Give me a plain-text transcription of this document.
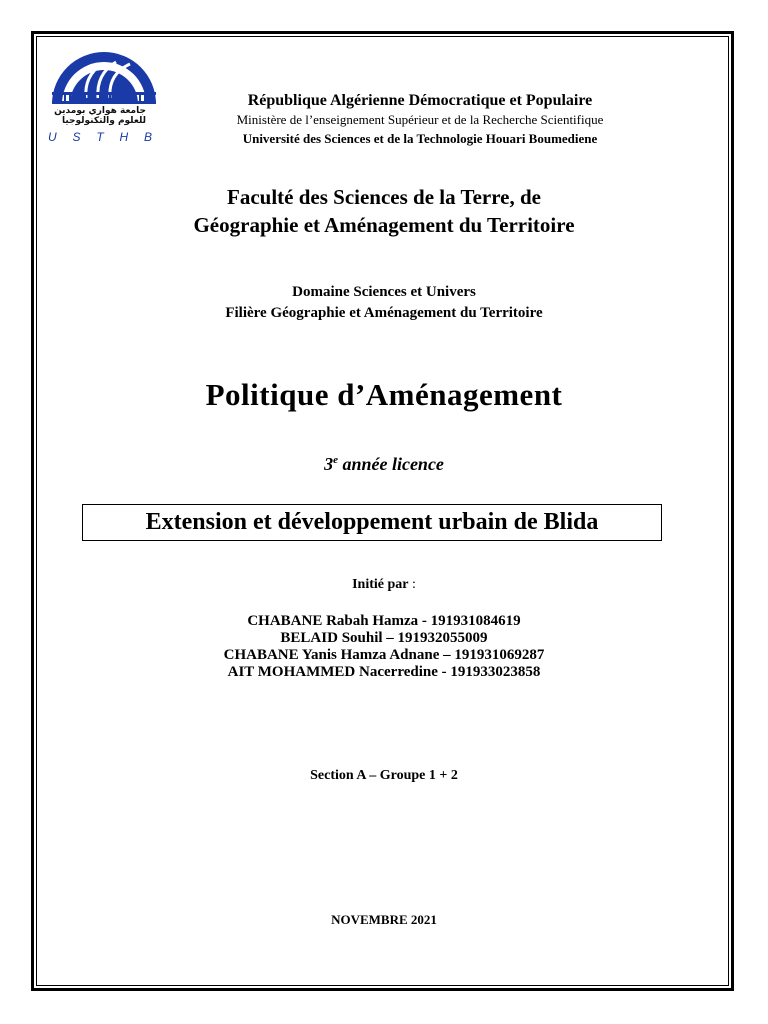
جامعة هواري بومدين
للعلوم والتكنولوجيا
U S T H B
République Algérienne Démocratique et Populaire
Ministère de l’enseignement Supérieur et de la Recherche Scientifique
Université des Sciences et de la Technologie Houari Boumediene
Faculté des Sciences de la Terre, de
Géographie et Aménagement du Territoire
Domaine Sciences et Univers
Filière Géographie et Aménagement du Territoire
Politique d’Aménagement
3e année licence
Extension et développement urbain de Blida
Initié par :
CHABANE Rabah Hamza - 191931084619
BELAID Souhil – 191932055009
CHABANE Yanis Hamza Adnane – 191931069287
AIT MOHAMMED Nacerredine - 191933023858
Section A – Groupe 1 + 2
NOVEMBRE 2021
